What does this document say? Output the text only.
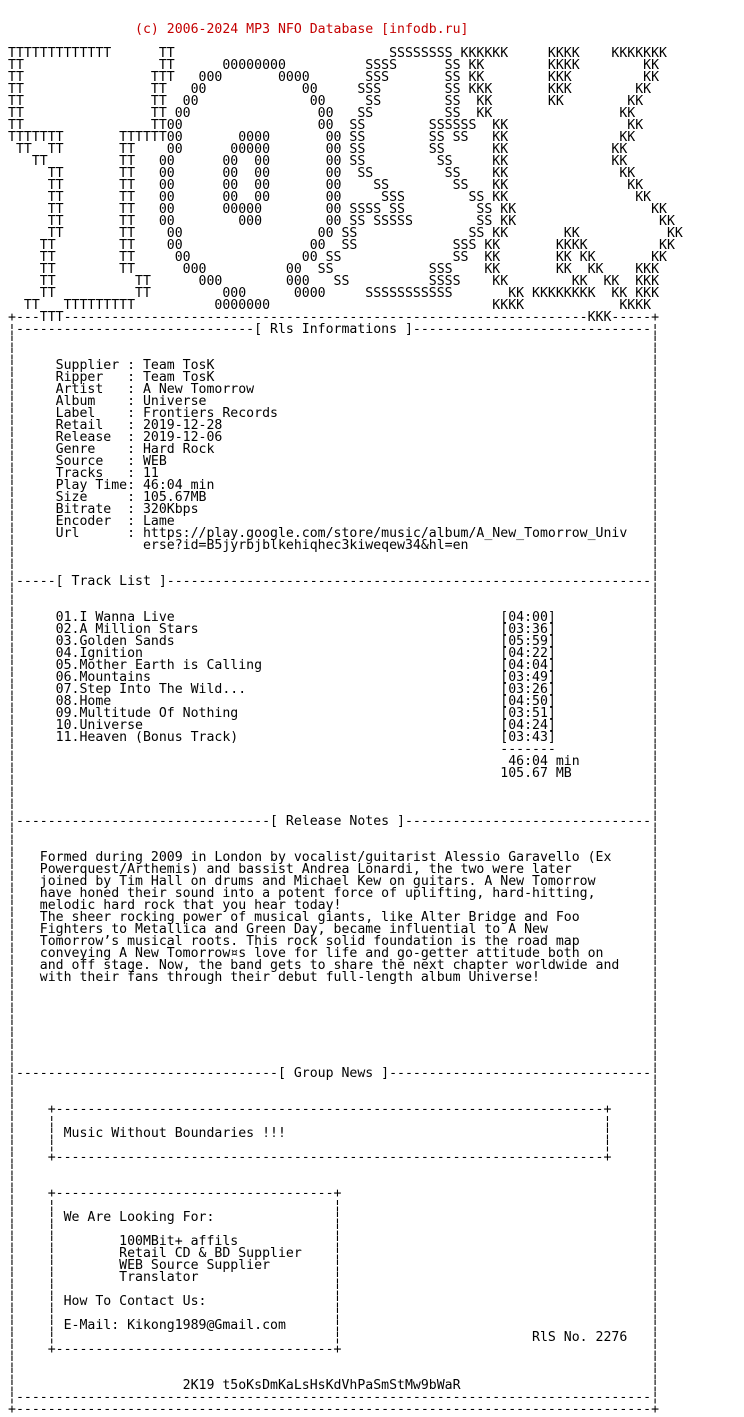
(c) 2006-2024 MP3 NFO Database [infodb.ru]

TTTTTTTTTTTTT      TT                           SSSSSSSS KKKKKK     KKKK    KKKKKKK
TT                 TT      00000000          SSSS      SS KK        KKKK        KK
TT                TTT   000       0000       SSS       SS KK        KKK         KK
TT                TT   00            00     SSS        SS KKK       KKK        KK
TT                TT  00              00     SS        SS  KK       KK        KK
TT                TT 00                00   SS         SS  KK                KK
TT                TT00                 00  SS        SSSSSS  KK               KK
TTTTTTT       TTTTTT00       0000       00 SS        SS SS   KK              KK
TT  TT       TT    00      00000       00 SS        SS      KK             KK
TT         TT   00      00  00       00 SS         SS     KK             KK
TT       TT   00      00  00       00  SS         SS    KK              KK
TT       TT   00      00  00       00    SS        SS   KK               KK
TT       TT   00      00  00       00     SSS        SS KK                KK
TT       TT   00      00000        00 SSSS SS         SS KK                 KK
TT       TT   00        000        00 SS SSSSS        SS KK                  KK
TT       TT    00                 00 SS              SS KK       KK           KK
TT        TT    00                00  SS            SSS KK       KKKK         KK
TT        TT     00              00 SS              SS  KK       KK KK       KK
TT        TT      000          00  SS            SSS    KK       KK  KK    KKK
TT          TT      000        000   SS          SSSS    KK        KK  KK  KKK
TT          TT         000      0000     SSSSSSSSSSS       KK KKKKKKKK  KK KKK
TT   TTTTTTTTT          0000000                            KKKK            KKKK
+---TTT------------------------------------------------------------------KKK-----+
¦------------------------------[ Rls Informations ]------------------------------¦
¦                                                                                ¦
¦                                                                                ¦
¦     Supplier : Team TosK                                                       ¦
¦     Ripper   : Team TosK                                                       ¦
¦     Artist   : A New Tomorrow                                                  ¦
¦     Album    : Universe                                                        ¦
¦     Label    : Frontiers Records                                               ¦
¦     Retail   : 2019-12-28                                                      ¦
¦     Release  : 2019-12-06                                                      ¦
¦     Genre    : Hard Rock                                                       ¦
¦     Source   : WEB                                                             ¦
¦     Tracks   : 11                                                              ¦
¦     Play Time: 46:04 min                                                       ¦
¦     Size     : 105.67MB                                                        ¦
¦     Bitrate  : 320Kbps                                                         ¦
¦     Encoder  : Lame                                                            ¦
¦     Url      : https://play.google.com/store/music/album/A_New_Tomorrow_Univ   ¦
¦                erse?id=B5jyrbjblkehiqhec3kiweqew34&hl=en                       ¦
¦                                                                                ¦
¦                                                                                ¦
¦-----[ Track List ]-------------------------------------------------------------¦
¦                                                                                ¦
¦                                                                                ¦
¦     01.I Wanna Live                                         [04:00]            ¦
¦     02.A Million Stars                                      [03:36]            ¦
¦     03.Golden Sands                                         [05:59]            ¦
¦     04.Ignition                                             [04:22]            ¦
¦     05.Mother Earth is Calling                              [04:04]            ¦
¦     06.Mountains                                            [03:49]            ¦
¦     07.Step Into The Wild...                                [03:26]            ¦
¦     08.Home                                                 [04:50]            ¦
¦     09.Multitude Of Nothing                                 [03:51]            ¦
¦     10.Universe                                             [04:24]            ¦
¦     11.Heaven (Bonus Track)                                 [03:43]            ¦
¦                                                             -------            ¦
¦                                                              46:04 min         ¦
¦                                                             105.67 MB          ¦
¦                                                                                ¦
¦                                                                                ¦
¦                                                                                ¦
¦--------------------------------[ Release Notes ]-------------------------------¦
¦                                                                                ¦
¦                                                                                ¦
¦   Formed during 2009 in London by vocalist/guitarist Alessio Garavello (Ex     ¦
¦   Powerquest/Arthemis) and bassist Andrea Lonardi, the two were later          ¦
¦   joined by Tim Hall on drums and Michael Kew on guitars. A New Tomorrow       ¦
¦   have honed their sound into a potent force of uplifting, hard-hitting,       ¦
¦   melodic hard rock that you hear today!                                       ¦
¦   The sheer rocking power of musical giants, like Alter Bridge and Foo         ¦
¦   Fighters to Metallica and Green Day, became influential to A New             ¦
¦   Tomorrow’s musical roots. This rock solid foundation is the road map         ¦
¦   conveying A New Tomorrow¤s love for life and go-getter attitude both on      ¦
¦   and off stage. Now, the band gets to share the next chapter worldwide and    ¦
¦   with their fans through their debut full-length album Universe!              ¦
¦                                                                                ¦
¦                                                                                ¦
¦                                                                                ¦
¦                                                                                ¦
¦                                                                                ¦
¦                                                                                ¦
¦                                                                                ¦
¦---------------------------------[ Group News ]---------------------------------¦
¦                                                                                ¦
¦                                                                                ¦
¦    +---------------------------------------------------------------------+     ¦
¦    ¦                                                                     ¦     ¦
¦    ¦ Music Without Boundaries !!!                                        ¦     ¦
¦    ¦                                                                     ¦     ¦
¦    +---------------------------------------------------------------------+     ¦
¦                                                                                ¦
¦                                                                                ¦
¦    +-----------------------------------+                                       ¦
¦    ¦                                   ¦                                       ¦
¦    ¦ We Are Looking For:               ¦                                       ¦
¦    ¦                                   ¦                                       ¦
¦    ¦        100MBit+ affils            ¦                                       ¦
¦    ¦        Retail CD & BD Supplier    ¦                                       ¦
¦    ¦        WEB Source Supplier        ¦                                       ¦
¦    ¦        Translator                 ¦                                       ¦
¦    ¦                                   ¦                                       ¦
¦    ¦ How To Contact Us:                ¦                                       ¦
¦    ¦                                   ¦                                       ¦
¦    ¦ E-Mail: Kikong1989@Gmail.com      ¦                                       ¦
¦    ¦                                   ¦                        RlS No. 2276   ¦
¦    +-----------------------------------+                                       ¦
¦                                                                                ¦
¦                                                                                ¦
¦                     2K19 t5oKsDmKaLsHsKdVhPaSmStMw9bWaR                        ¦
¦--------------------------------------------------------------------------------¦
+--------------------------------------------------------------------------------+
